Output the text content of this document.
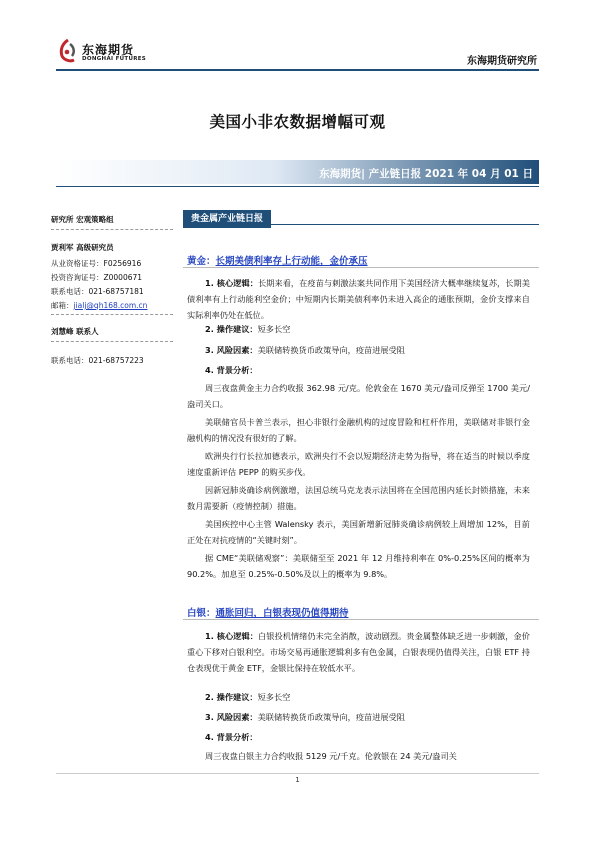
东海期货
DONGHAI FUTURES	东海期货研究所
美国小非农数据增幅可观
东海期货| 产业链日报 2021 年 04 月 01 日
研究所 宏观策略组
贾利军 高级研究员
从业资格证号：F0256916
投资咨询证号：Z0000671
联系电话：021-68757181
邮箱：jialj@qh168.com.cn
刘慧峰 联系人
联系电话：021-68757223
贵金属产业链日报
黄金：长期美债利率存上行动能，金价承压
1. 核心逻辑：长期来看，在疫苗与刺激法案共同作用下美国经济大概率继续复苏，长期美债利率有上行动能利空金价；中短期内长期美债利率仍未进入高企的通胀预期，金价支撑来自实际利率仍处在低位。
2. 操作建议：短多长空
3. 风险因素：美联储转换货币政策导向，疫苗进展受阻
4. 背景分析：
周三夜盘黄金主力合约收报 362.98 元/克。伦敦金在 1670 美元/盎司反弹至 1700 美元/盎司关口。
美联储官员卡普兰表示，担心非银行金融机构的过度冒险和杠杆作用，美联储对非银行金融机构的情况没有很好的了解。
欧洲央行行长拉加德表示，欧洲央行不会以短期经济走势为指导，将在适当的时候以季度速度重新评估 PEPP 的购买步伐。
因新冠肺炎确诊病例激增，法国总统马克龙表示法国将在全国范围内延长封锁措施，未来数月需要新（疫情控制）措施。
美国疾控中心主管 Walensky 表示，美国新增新冠肺炎确诊病例较上周增加 12%，目前正处在对抗疫情的“关键时刻”。
据 CME“美联储观察”：美联储至至 2021 年 12 月维持利率在 0%-0.25%区间的概率为 90.2%。加息至 0.25%-0.50%及以上的概率为 9.8%。
白银：通胀回归，白银表现仍值得期待
1. 核心逻辑：白银投机情绪仍未完全消散，波动剧烈。贵金属整体缺乏进一步刺激，金价重心下移对白银利空。市场交易再通胀逻辑利多有色金属，白银表现仍值得关注，白银 ETF 持仓表现优于黄金 ETF，金银比保持在较低水平。
2. 操作建议：短多长空
3. 风险因素：美联储转换货币政策导向，疫苗进展受阻
4. 背景分析：
周三夜盘白银主力合约收报 5129 元/千克。伦敦银在 24 美元/盎司关
1
